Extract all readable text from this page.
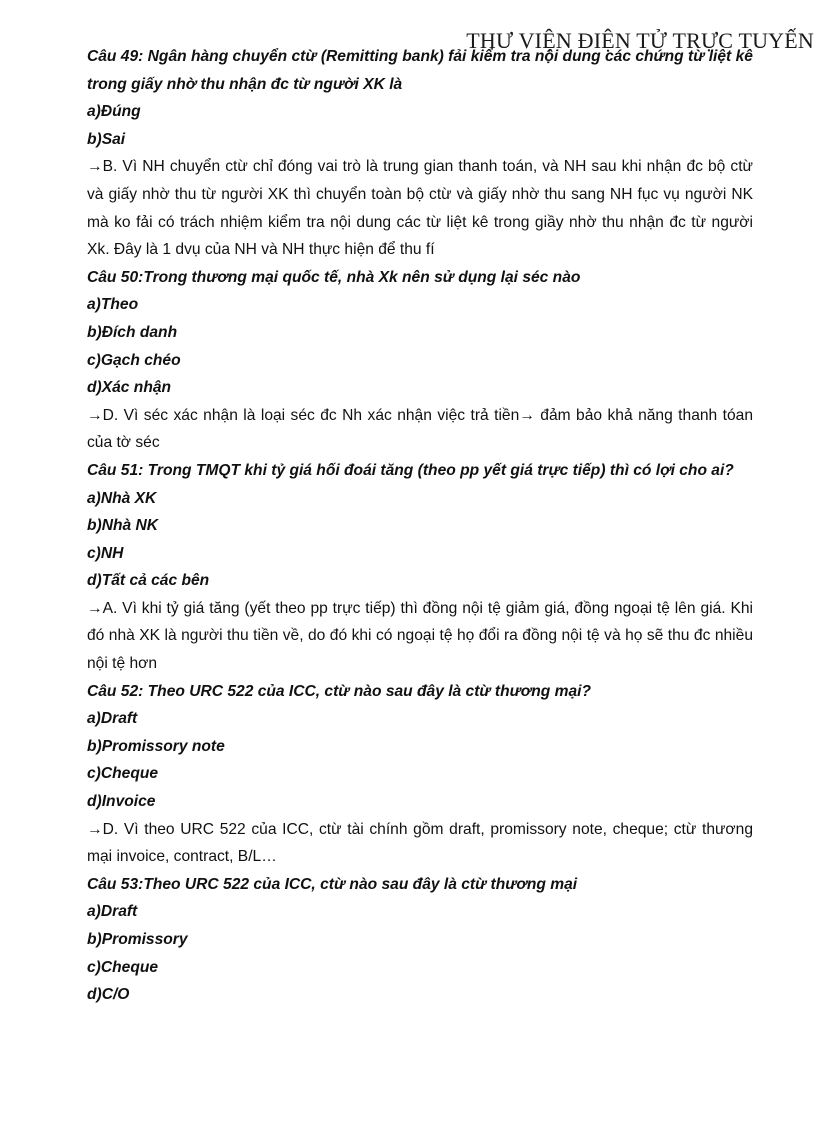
THƯ VIỆN ĐIỆN TỬ TRỰC TUYẾN
Câu 49: Ngân hàng chuyển ctừ (Remitting bank) fải kiểm tra nội dung các chứng từ liệt kê trong giấy nhờ thu nhận đc từ người XK là
a)Đúng
b)Sai
→B. Vì NH chuyển ctừ chỉ đóng vai trò là trung gian thanh toán, và NH sau khi nhận đc bộ ctừ và giấy nhờ thu từ người XK thì chuyển toàn bộ ctừ và giấy nhờ thu sang NH fục vụ người NK mà ko fải có trách nhiệm kiểm tra nội dung các từ liệt kê trong giầy nhờ thu nhận đc từ người Xk. Đây là 1 dvụ của NH và NH thực hiện để thu fí
Câu 50:Trong thương mại quốc tế, nhà Xk nên sử dụng lại séc nào
a)Theo
b)Đích danh
c)Gạch chéo
d)Xác nhận
→D. Vì séc xác nhận là loại séc đc Nh xác nhận việc trả tiền→ đảm bảo khả năng thanh tóan của tờ séc
Câu 51: Trong TMQT khi tỷ giá hối đoái tăng (theo pp yết giá trực tiếp) thì có lợi cho ai?
a)Nhà XK
b)Nhà NK
c)NH
d)Tất cả các bên
→A. Vì khi tỷ giá tăng (yết theo pp trực tiếp) thì đồng nội tệ giảm giá, đồng ngoại tệ lên giá. Khi đó nhà XK là người thu tiền về, do đó khi có ngoại tệ họ đổi ra đồng nội tệ và họ sẽ thu đc nhiều nội tệ hơn
Câu 52: Theo URC 522 của ICC, ctừ nào sau đây là ctừ thương mại?
a)Draft
b)Promissory note
c)Cheque
d)Invoice
→D. Vì theo URC 522 của ICC, ctừ tài chính gồm draft, promissory note, cheque; ctừ thương mại invoice, contract, B/L…
Câu 53:Theo URC 522 của ICC, ctừ nào sau đây là ctừ thương mại
a)Draft
b)Promissory
c)Cheque
d)C/O
